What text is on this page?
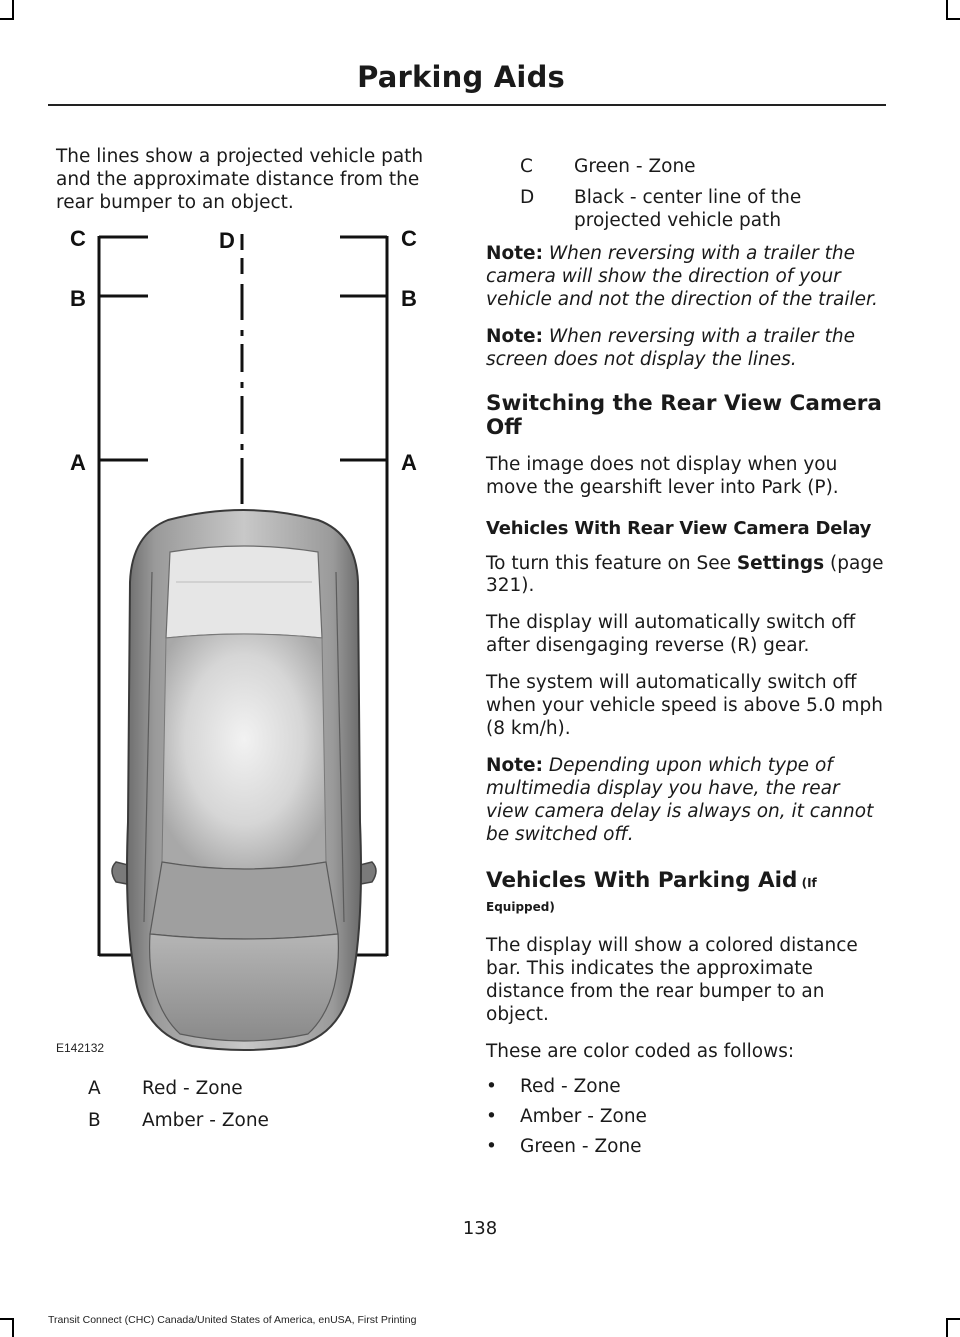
Parking Aids

The lines show a projected vehicle path and the approximate distance from the rear bumper to an object.

C	C
D
B	B
A	A
E142132
A	Red - Zone
B	Amber - Zone
C	Green - Zone
D	Black - center line of the projected vehicle path

Note: When reversing with a trailer the camera will show the direction of your vehicle and not the direction of the trailer.

Note: When reversing with a trailer the screen does not display the lines.

Switching the Rear View Camera Off

The image does not display when you move the gearshift lever into Park (P).

Vehicles With Rear View Camera Delay

To turn this feature on See Settings (page 321).

The display will automatically switch off after disengaging reverse (R) gear.

The system will automatically switch off when your vehicle speed is above 5.0 mph (8 km/h).

Note: Depending upon which type of multimedia display you have, the rear view camera delay is always on, it cannot be switched off.

Vehicles With Parking Aid (If Equipped)

The display will show a colored distance bar. This indicates the approximate distance from the rear bumper to an object.

These are color coded as follows:

•	Red - Zone
•	Amber - Zone
•	Green - Zone
138
Transit Connect (CHC) Canada/United States of America, enUSA, First Printing
